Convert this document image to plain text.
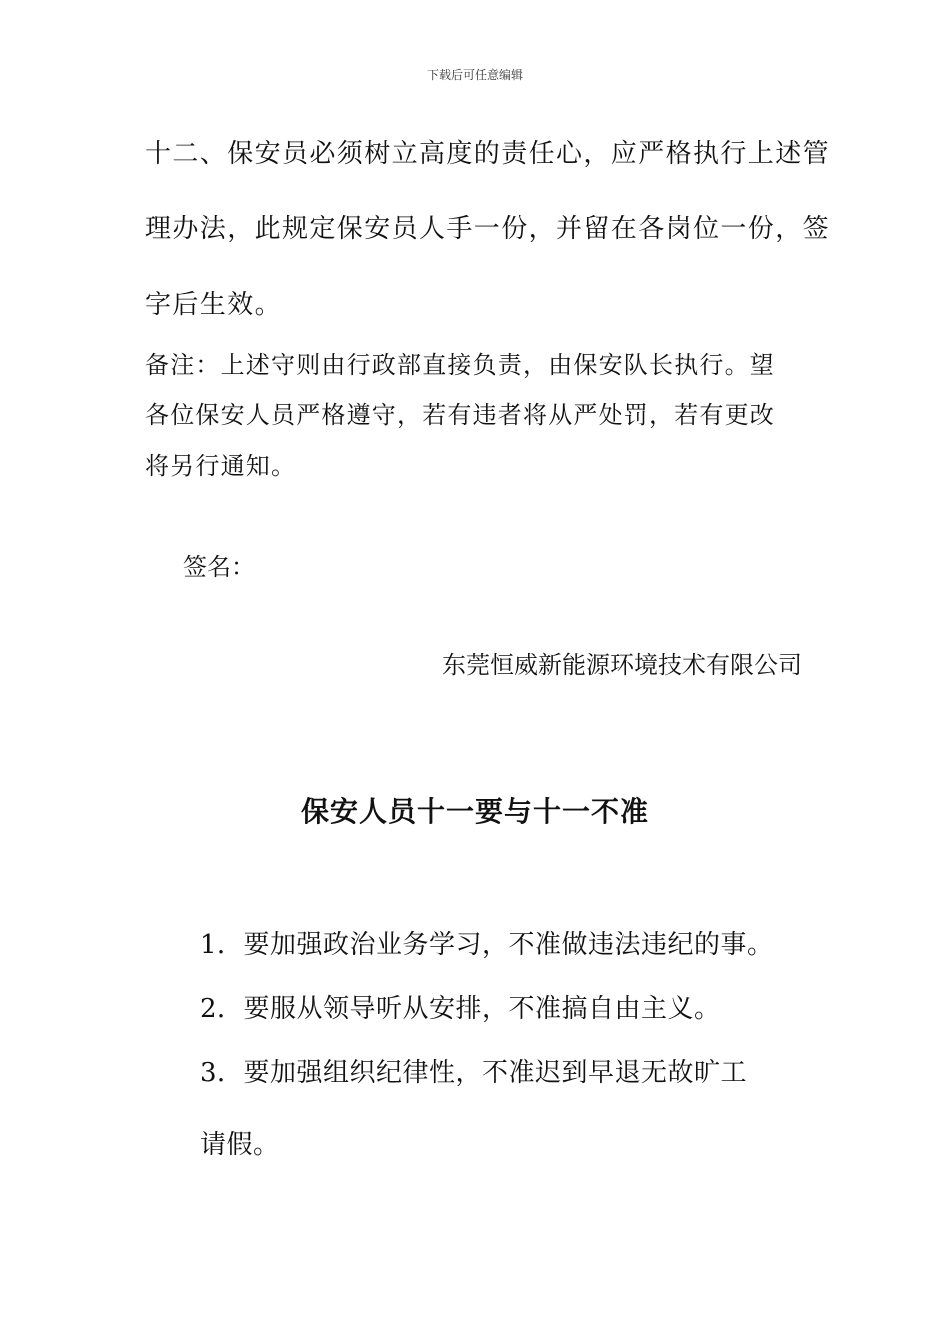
下载后可任意编辑
十二、保安员必须树立高度的责任心，应严格执行上述管
理办法，此规定保安员人手一份，并留在各岗位一份，签
字后生效。
备注：上述守则由行政部直接负责，由保安队长执行。望
各位保安人员严格遵守，若有违者将从严处罚，若有更改
将另行通知。
签名：
东莞恒威新能源环境技术有限公司
保安人员十一要与十一不准
1．要加强政治业务学习，不准做违法违纪的事。
2．要服从领导听从安排，不准搞自由主义。
3．要加强组织纪律性，不准迟到早退无故旷工
请假。
